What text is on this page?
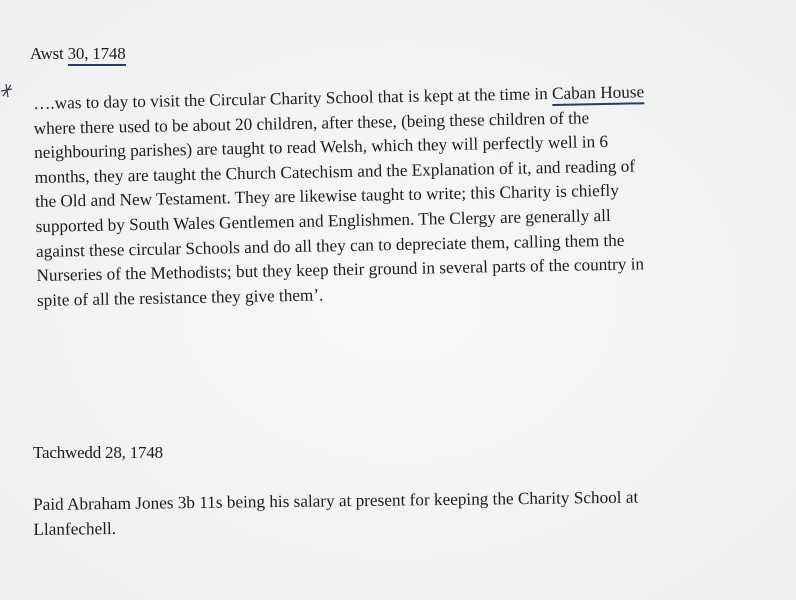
Awst 30, 1748

….was to day to visit the Circular Charity School that is kept at the time in Caban House
where there used to be about 20 children, after these, (being these children of the
neighbouring parishes) are taught to read Welsh, which they will perfectly well in 6
months, they are taught the Church Catechism and the Explanation of it, and reading of
the Old and New Testament. They are likewise taught to write; this Charity is chiefly
supported by South Wales Gentlemen and Englishmen. The Clergy are generally all
against these circular Schools and do all they can to depreciate them, calling them the
Nurseries of the Methodists; but they keep their ground in several parts of the country in
spite of all the resistance they give them’.

Tachwedd 28, 1748

Paid Abraham Jones 3b 11s being his salary at present for keeping the Charity School at
Llanfechell.
